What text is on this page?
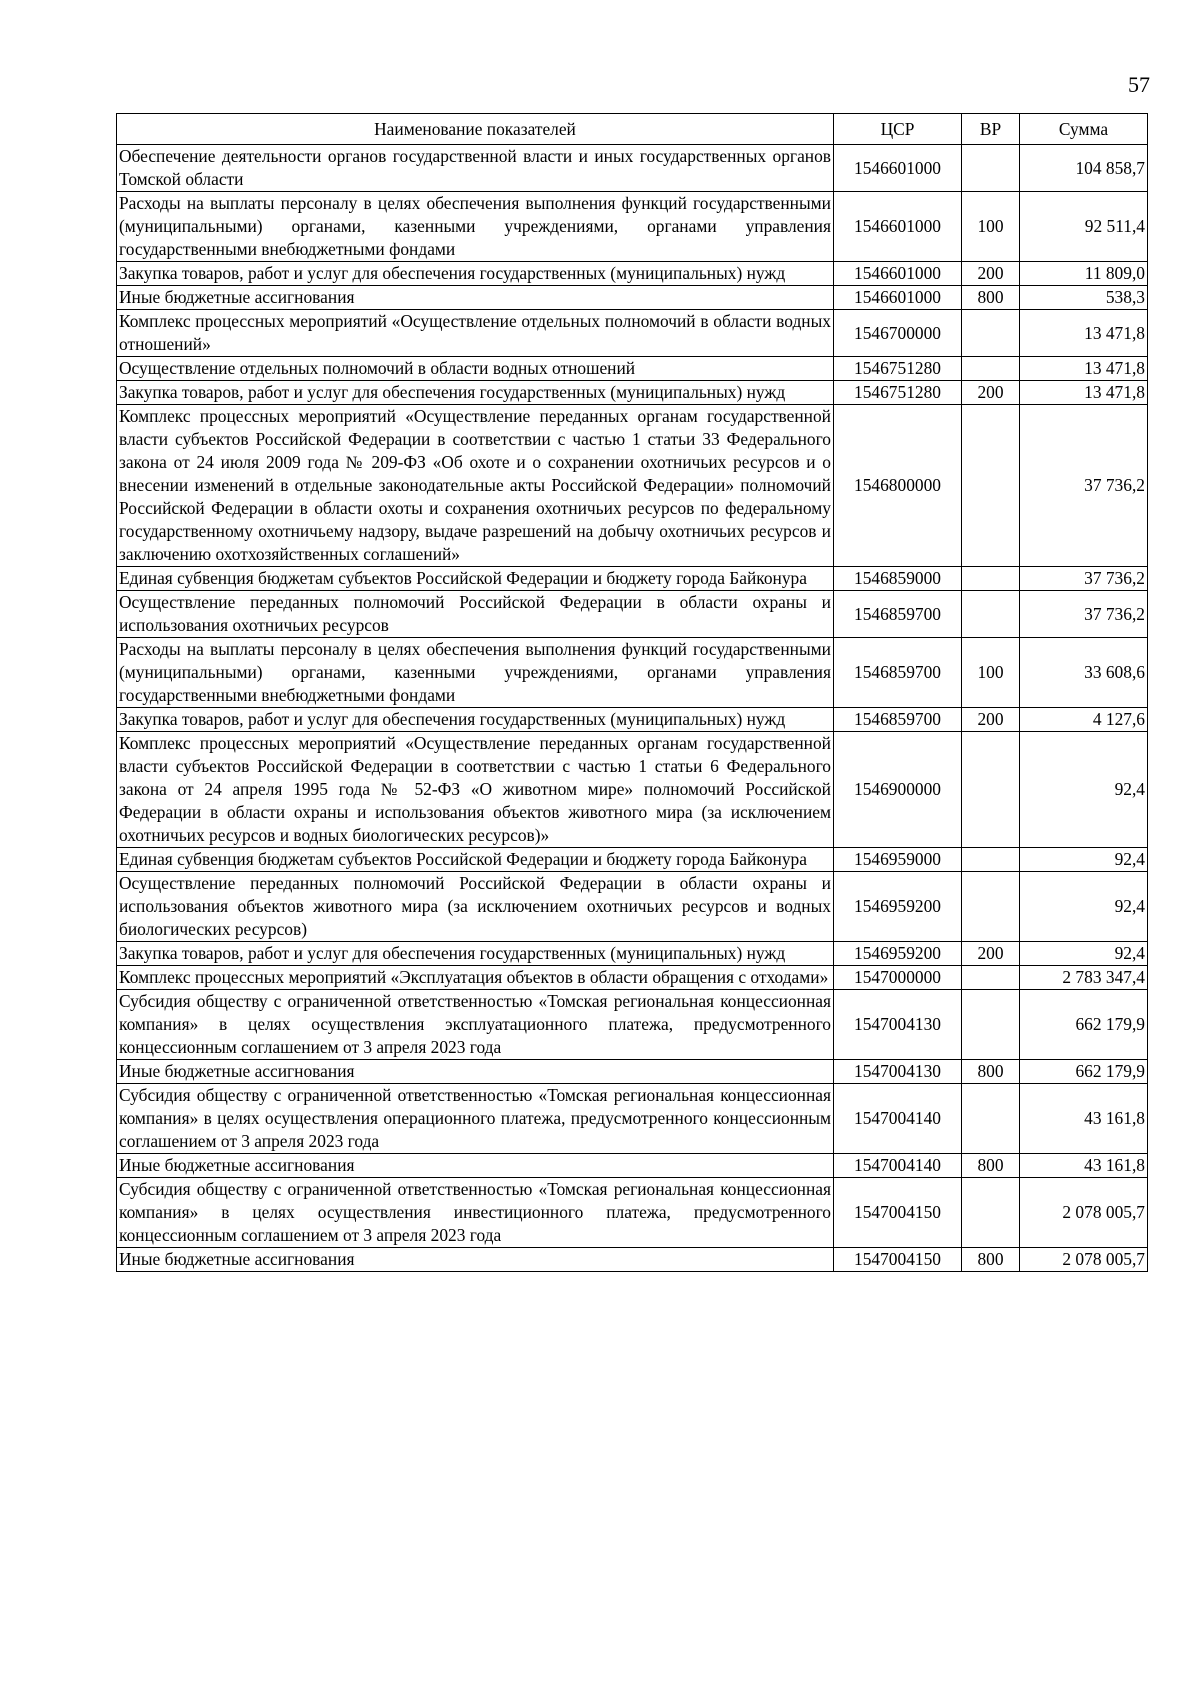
57
Наименование показателей	ЦСР	ВР	Сумма
Обеспечение деятельности органов государственной власти и иных государственных органов Томской области	1546601000		104 858,7
Расходы на выплаты персоналу в целях обеспечения выполнения функций государственными (муниципальными) органами, казенными учреждениями, органами управления государственными внебюджетными фондами	1546601000	100	92 511,4
Закупка товаров, работ и услуг для обеспечения государственных (муниципальных) нужд	1546601000	200	11 809,0
Иные бюджетные ассигнования	1546601000	800	538,3
Комплекс процессных мероприятий «Осуществление отдельных полномочий в области водных отношений»	1546700000		13 471,8
Осуществление отдельных полномочий в области водных отношений	1546751280		13 471,8
Закупка товаров, работ и услуг для обеспечения государственных (муниципальных) нужд	1546751280	200	13 471,8
Комплекс процессных мероприятий «Осуществление переданных органам государственной власти субъектов Российской Федерации в соответствии с частью 1 статьи 33 Федерального закона от 24 июля 2009 года № 209-ФЗ «Об охоте и о сохранении охотничьих ресурсов и о внесении изменений в отдельные законодательные акты Российской Федерации» полномочий Российской Федерации в области охоты и сохранения охотничьих ресурсов по федеральному государственному охотничьему надзору, выдаче разрешений на добычу охотничьих ресурсов и заключению охотхозяйственных соглашений»	1546800000		37 736,2
Единая субвенция бюджетам субъектов Российской Федерации и бюджету города Байконура	1546859000		37 736,2
Осуществление переданных полномочий Российской Федерации в области охраны и использования охотничьих ресурсов	1546859700		37 736,2
Расходы на выплаты персоналу в целях обеспечения выполнения функций государственными (муниципальными) органами, казенными учреждениями, органами управления государственными внебюджетными фондами	1546859700	100	33 608,6
Закупка товаров, работ и услуг для обеспечения государственных (муниципальных) нужд	1546859700	200	4 127,6
Комплекс процессных мероприятий «Осуществление переданных органам государственной власти субъектов Российской Федерации в соответствии с частью 1 статьи 6 Федерального закона от 24 апреля 1995 года № 52-ФЗ «О животном мире» полномочий Российской Федерации в области охраны и использования объектов животного мира (за исключением охотничьих ресурсов и водных биологических ресурсов)»	1546900000		92,4
Единая субвенция бюджетам субъектов Российской Федерации и бюджету города Байконура	1546959000		92,4
Осуществление переданных полномочий Российской Федерации в области охраны и использования объектов животного мира (за исключением охотничьих ресурсов и водных биологических ресурсов)	1546959200		92,4
Закупка товаров, работ и услуг для обеспечения государственных (муниципальных) нужд	1546959200	200	92,4
Комплекс процессных мероприятий «Эксплуатация объектов в области обращения с отходами»	1547000000		2 783 347,4
Субсидия обществу с ограниченной ответственностью «Томская региональная концессионная компания» в целях осуществления эксплуатационного платежа, предусмотренного концессионным соглашением от 3 апреля 2023 года	1547004130		662 179,9
Иные бюджетные ассигнования	1547004130	800	662 179,9
Субсидия обществу с ограниченной ответственностью «Томская региональная концессионная компания» в целях осуществления операционного платежа, предусмотренного концессионным соглашением от 3 апреля 2023 года	1547004140		43 161,8
Иные бюджетные ассигнования	1547004140	800	43 161,8
Субсидия обществу с ограниченной ответственностью «Томская региональная концессионная компания» в целях осуществления инвестиционного платежа, предусмотренного концессионным соглашением от 3 апреля 2023 года	1547004150		2 078 005,7
Иные бюджетные ассигнования	1547004150	800	2 078 005,7
